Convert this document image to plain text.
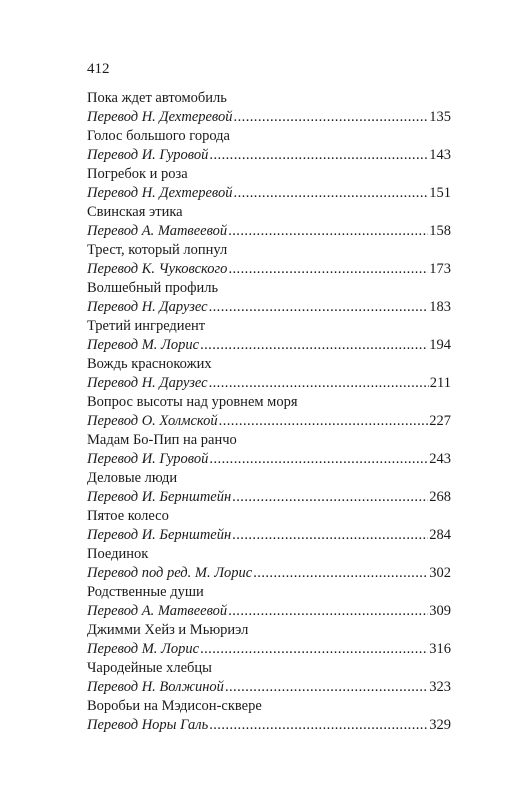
412
Пока ждет автомобиль
Перевод Н. Дехтеревой . . .	135
Голос большого города
Перевод И. Гуровой . . .	143
Погребок и роза
Перевод Н. Дехтеревой . . .	151
Свинская этика
Перевод А. Матвеевой . . .	158
Трест, который лопнул
Перевод К. Чуковского . . .	173
Волшебный профиль
Перевод Н. Дарузес . . .	183
Третий ингредиент
Перевод М. Лорис . . .	194
Вождь краснокожих
Перевод Н. Дарузес . . .	211
Вопрос высоты над уровнем моря
Перевод О. Холмской . . .	227
Мадам Бо-Пип на ранчо
Перевод И. Гуровой . . .	243
Деловые люди
Перевод И. Бернштейн . . .	268
Пятое колесо
Перевод И. Бернштейн . . .	284
Поединок
Перевод под ред. М. Лорис . . .	302
Родственные души
Перевод А. Матвеевой . . .	309
Джимми Хейз и Мьюриэл
Перевод М. Лорис . . .	316
Чародейные хлебцы
Перевод Н. Волжиной . . .	323
Воробьи на Мэдисон-сквере
Перевод Норы Галь . . .	329
